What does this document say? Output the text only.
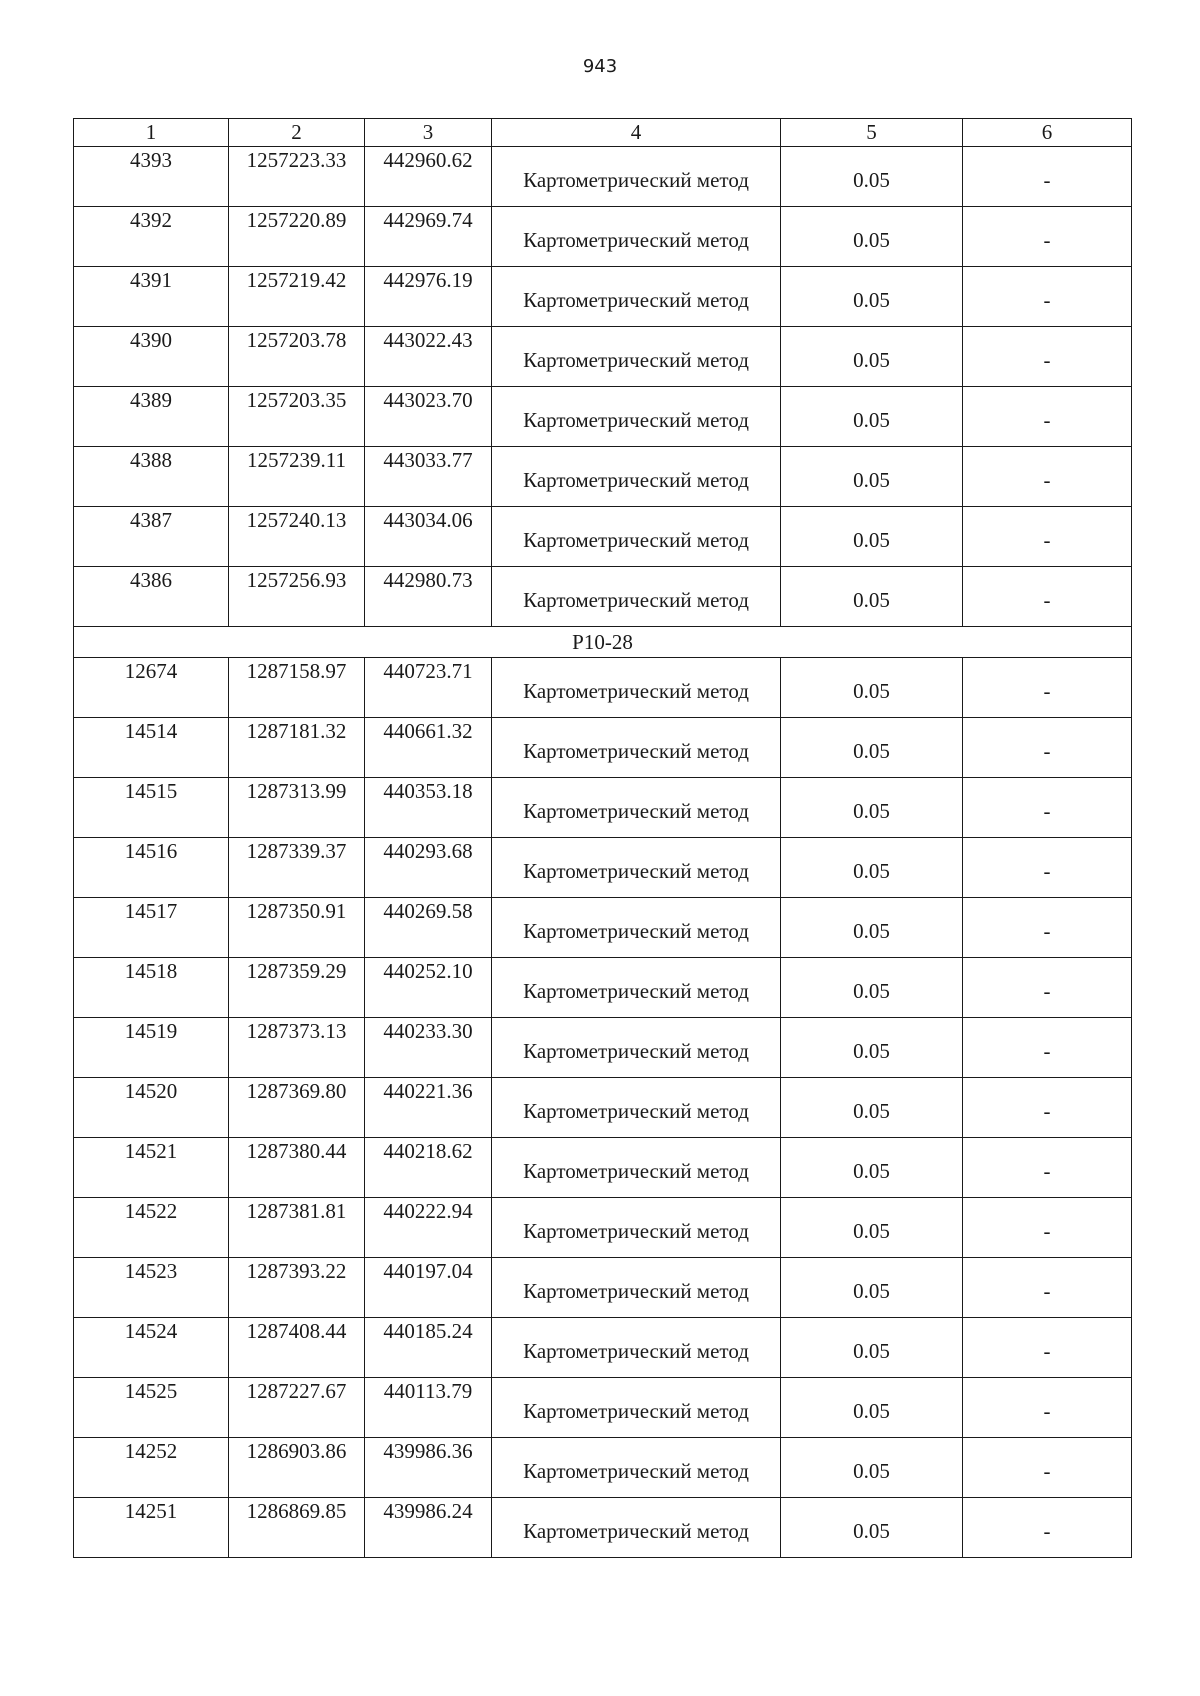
943
1	2	3	4	5	6
4393	1257223.33	442960.62	Картометрический метод	0.05	-
4392	1257220.89	442969.74	Картометрический метод	0.05	-
4391	1257219.42	442976.19	Картометрический метод	0.05	-
4390	1257203.78	443022.43	Картометрический метод	0.05	-
4389	1257203.35	443023.70	Картометрический метод	0.05	-
4388	1257239.11	443033.77	Картометрический метод	0.05	-
4387	1257240.13	443034.06	Картометрический метод	0.05	-
4386	1257256.93	442980.73	Картометрический метод	0.05	-
P10-28					
12674	1287158.97	440723.71	Картометрический метод	0.05	-
14514	1287181.32	440661.32	Картометрический метод	0.05	-
14515	1287313.99	440353.18	Картометрический метод	0.05	-
14516	1287339.37	440293.68	Картометрический метод	0.05	-
14517	1287350.91	440269.58	Картометрический метод	0.05	-
14518	1287359.29	440252.10	Картометрический метод	0.05	-
14519	1287373.13	440233.30	Картометрический метод	0.05	-
14520	1287369.80	440221.36	Картометрический метод	0.05	-
14521	1287380.44	440218.62	Картометрический метод	0.05	-
14522	1287381.81	440222.94	Картометрический метод	0.05	-
14523	1287393.22	440197.04	Картометрический метод	0.05	-
14524	1287408.44	440185.24	Картометрический метод	0.05	-
14525	1287227.67	440113.79	Картометрический метод	0.05	-
14252	1286903.86	439986.36	Картометрический метод	0.05	-
14251	1286869.85	439986.24	Картометрический метод	0.05	-
